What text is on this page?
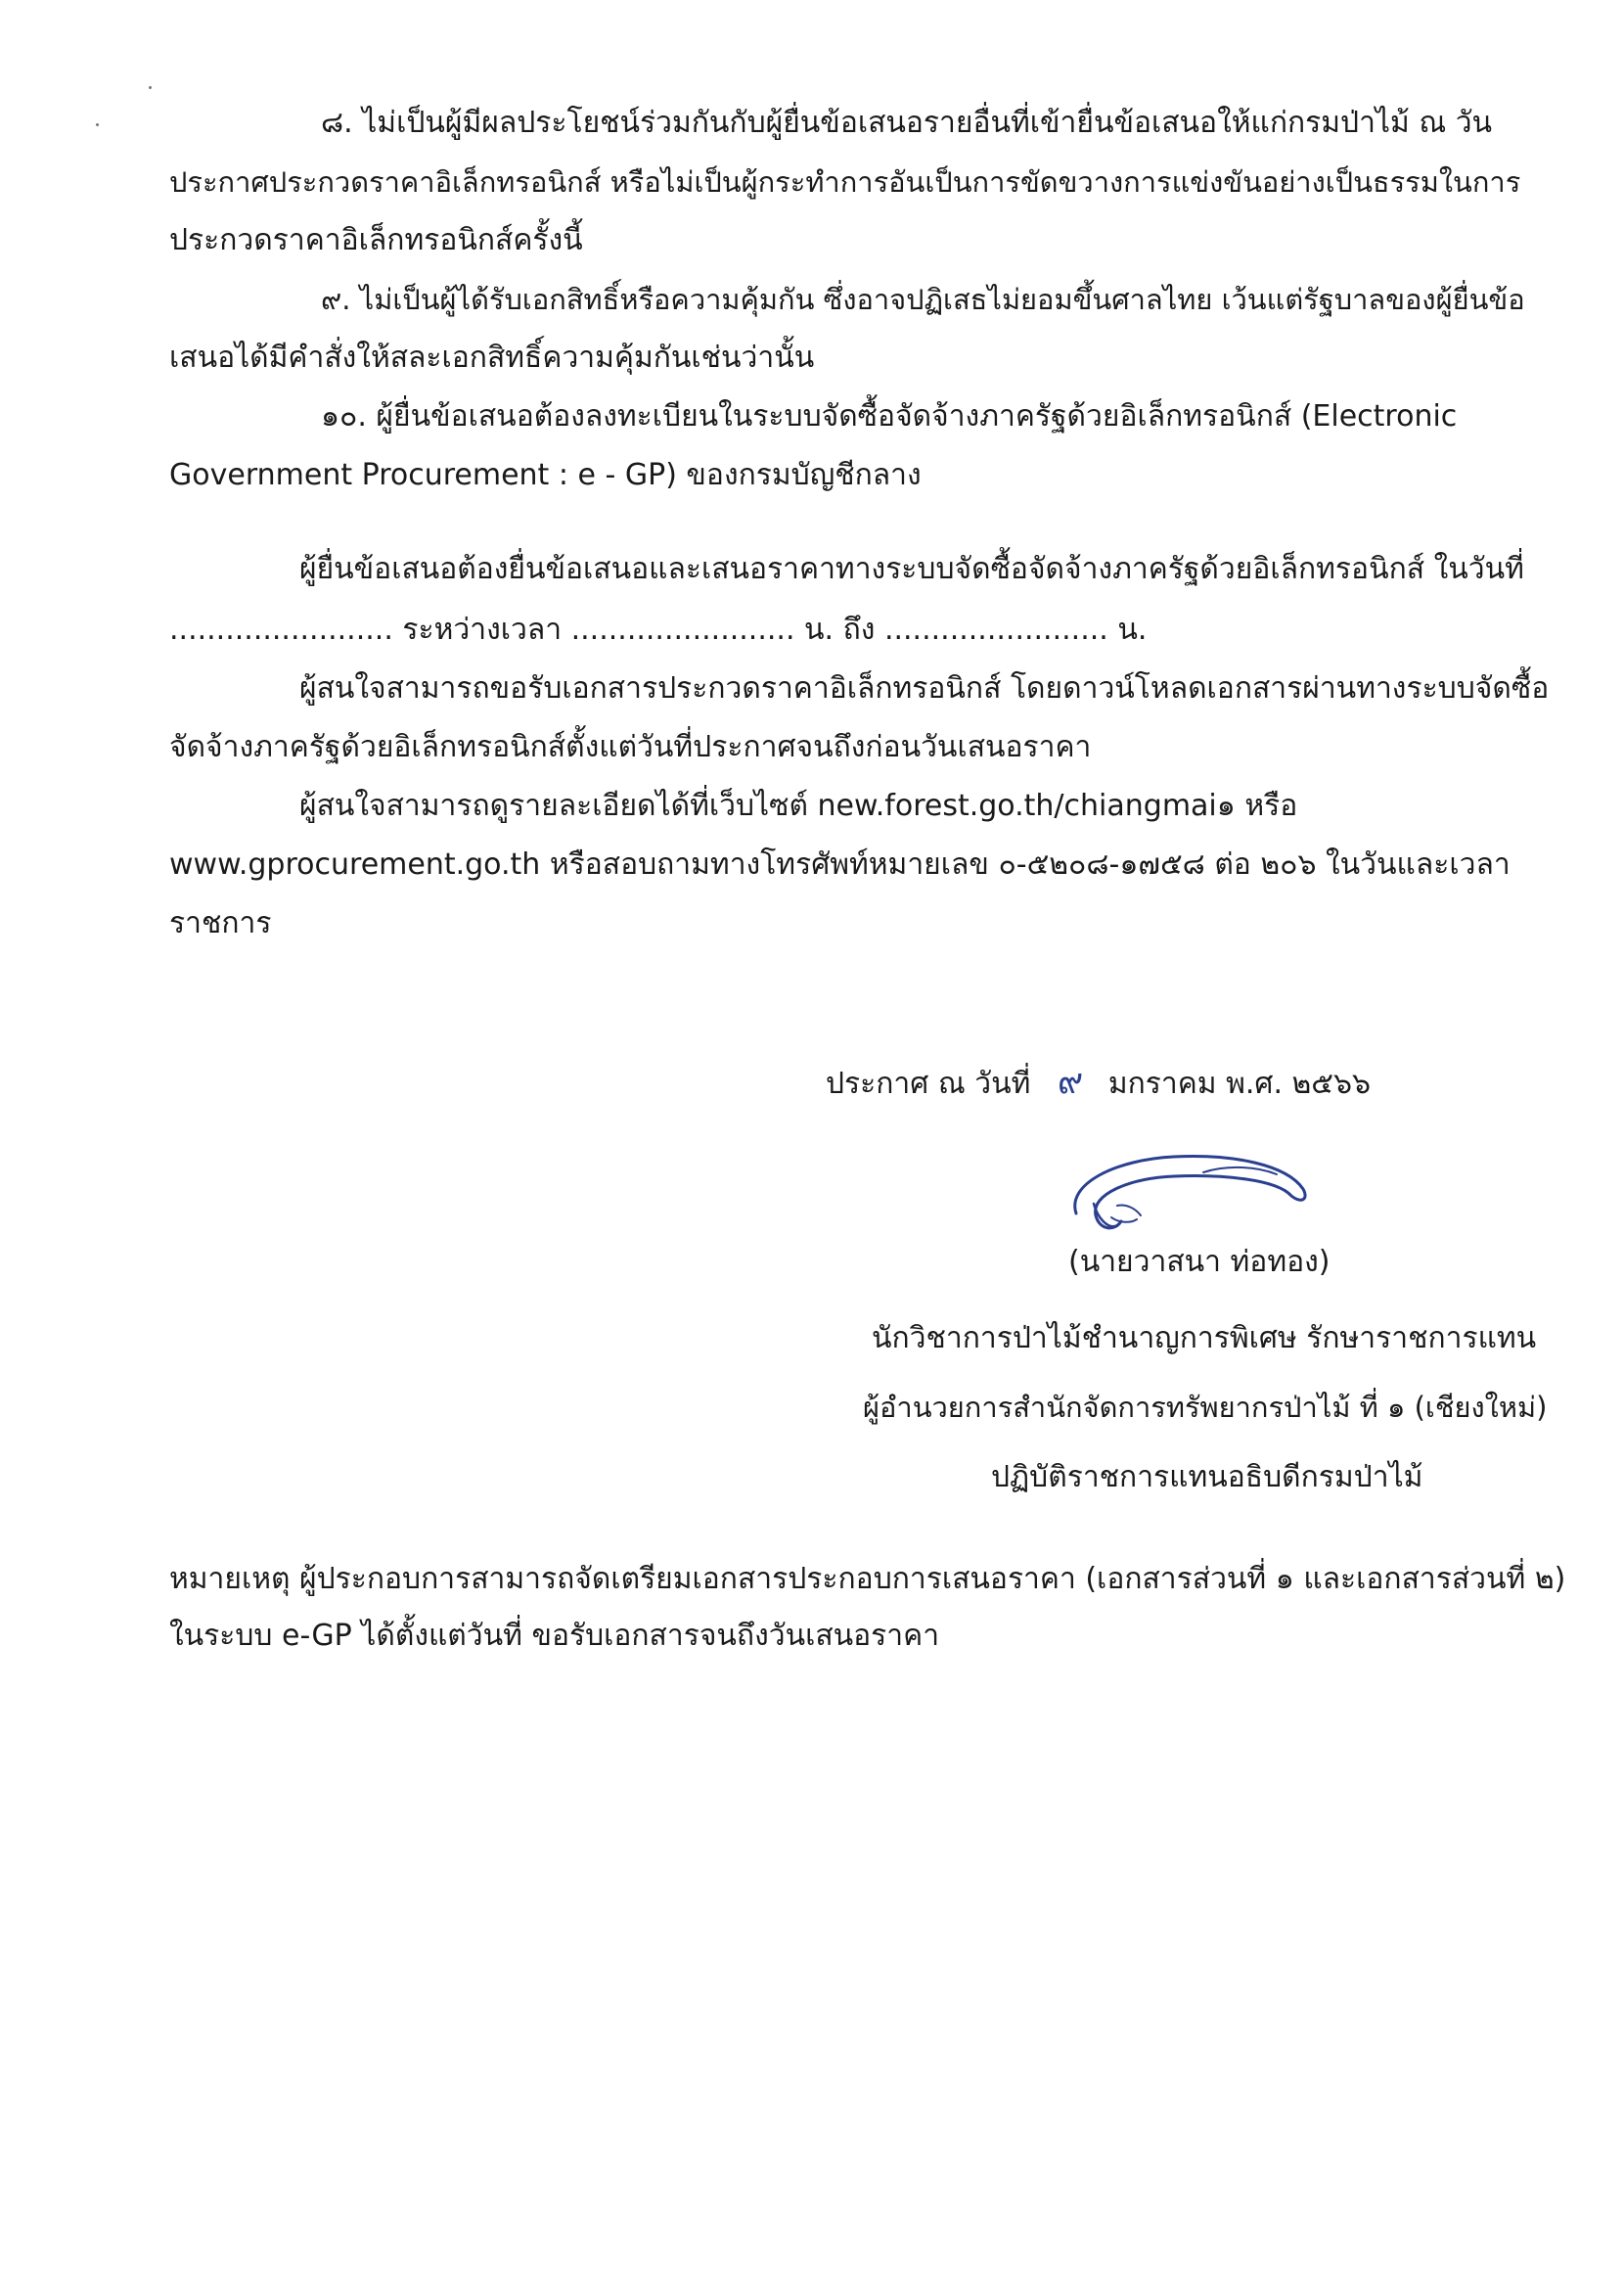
๘. ไม่เป็นผู้มีผลประโยชน์ร่วมกันกับผู้ยื่นข้อเสนอรายอื่นที่เข้ายื่นข้อเสนอให้แก่กรมป่าไม้ ณ วัน
ประกาศประกวดราคาอิเล็กทรอนิกส์ หรือไม่เป็นผู้กระทำการอันเป็นการขัดขวางการแข่งขันอย่างเป็นธรรมในการ
ประกวดราคาอิเล็กทรอนิกส์ครั้งนี้
๙. ไม่เป็นผู้ได้รับเอกสิทธิ์หรือความคุ้มกัน ซึ่งอาจปฏิเสธไม่ยอมขึ้นศาลไทย เว้นแต่รัฐบาลของผู้ยื่นข้อ
เสนอได้มีคำสั่งให้สละเอกสิทธิ์ความคุ้มกันเช่นว่านั้น
๑๐. ผู้ยื่นข้อเสนอต้องลงทะเบียนในระบบจัดซื้อจัดจ้างภาครัฐด้วยอิเล็กทรอนิกส์ (Electronic
Government Procurement : e - GP) ของกรมบัญชีกลาง
ผู้ยื่นข้อเสนอต้องยื่นข้อเสนอและเสนอราคาทางระบบจัดซื้อจัดจ้างภาครัฐด้วยอิเล็กทรอนิกส์ ในวันที่
........................ ระหว่างเวลา ........................ น. ถึง ........................ น.
ผู้สนใจสามารถขอรับเอกสารประกวดราคาอิเล็กทรอนิกส์ โดยดาวน์โหลดเอกสารผ่านทางระบบจัดซื้อ
จัดจ้างภาครัฐด้วยอิเล็กทรอนิกส์ตั้งแต่วันที่ประกาศจนถึงก่อนวันเสนอราคา
ผู้สนใจสามารถดูรายละเอียดได้ที่เว็บไซต์ new.forest.go.th/chiangmai๑ หรือ
www.gprocurement.go.th หรือสอบถามทางโทรศัพท์หมายเลข ๐-๕๒๐๘-๑๗๕๘ ต่อ ๒๐๖ ในวันและเวลา
ราชการ
ประกาศ ณ วันที่ ๙ มกราคม พ.ศ. ๒๕๖๖
(นายวาสนา ท่อทอง)
นักวิชาการป่าไม้ชำนาญการพิเศษ รักษาราชการแทน
ผู้อำนวยการสำนักจัดการทรัพยากรป่าไม้ ที่ ๑ (เชียงใหม่)
ปฏิบัติราชการแทนอธิบดีกรมป่าไม้
หมายเหตุ ผู้ประกอบการสามารถจัดเตรียมเอกสารประกอบการเสนอราคา (เอกสารส่วนที่ ๑ และเอกสารส่วนที่ ๒)
ในระบบ e-GP ได้ตั้งแต่วันที่ ขอรับเอกสารจนถึงวันเสนอราคา
